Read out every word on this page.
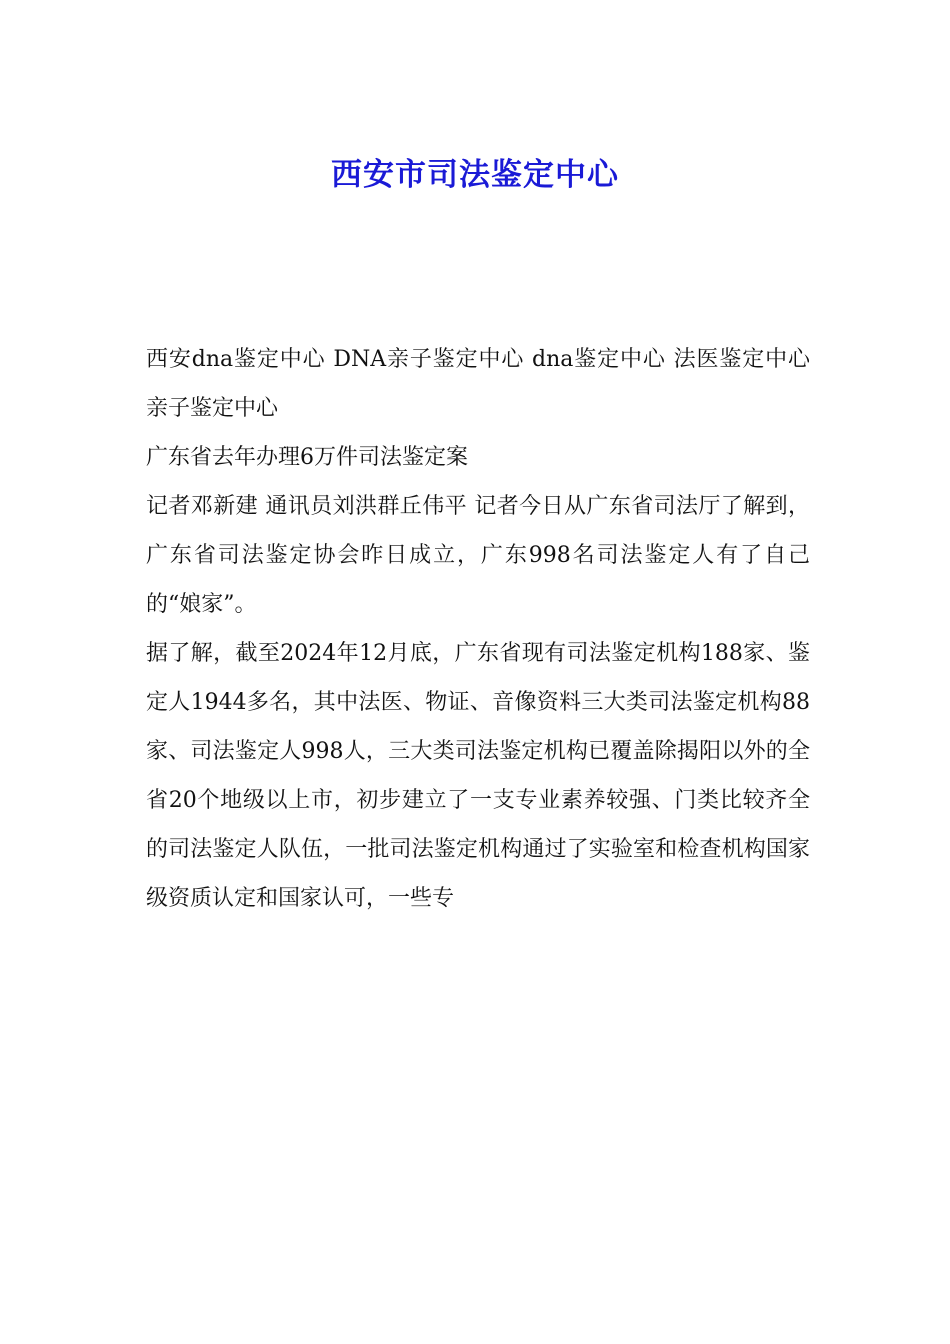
西安市司法鉴定中心

西安dna鉴定中心 DNA亲子鉴定中心 dna鉴定中心 法医鉴定中心 亲子鉴定中心

广东省去年办理6万件司法鉴定案

记者邓新建 通讯员刘洪群丘伟平 记者今日从广东省司法厅了解到，广东省司法鉴定协会昨日成立，广东998名司法鉴定人有了自己的“娘家”。

据了解，截至2024年12月底，广东省现有司法鉴定机构188家、鉴定人1944多名，其中法医、物证、音像资料三大类司法鉴定机构88家、司法鉴定人998人，三大类司法鉴定机构已覆盖除揭阳以外的全省20个地级以上市，初步建立了一支专业素养较强、门类比较齐全的司法鉴定人队伍，一批司法鉴定机构通过了实验室和检查机构国家级资质认定和国家认可，一些专
